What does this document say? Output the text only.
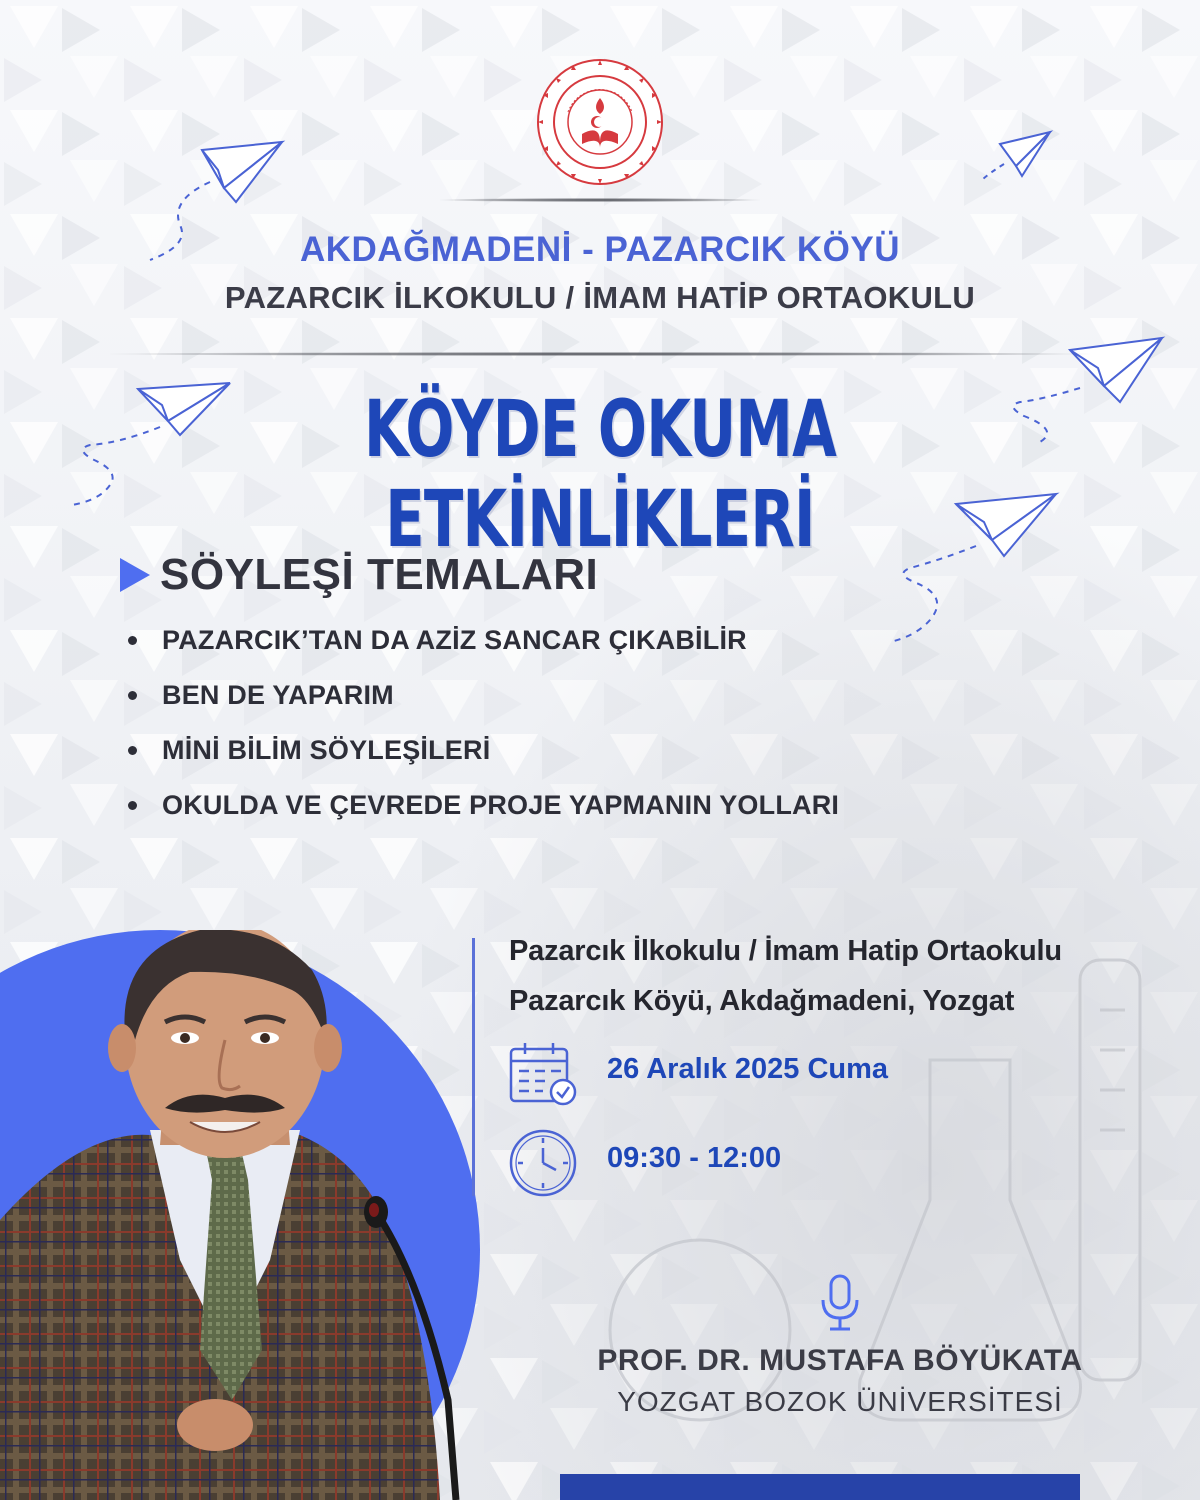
AKDAĞMADENİ - PAZARCIK KÖYÜ
PAZARCIK İLKOKULU / İMAM HATİP ORTAOKULU
KÖYDE OKUMA ETKİNLİKLERİ
SÖYLEŞİ TEMALARI
PAZARCIK’TAN DA AZİZ SANCAR ÇIKABİLİR
BEN DE YAPARIM
MİNİ BİLİM SÖYLEŞİLERİ
OKULDA VE ÇEVREDE PROJE YAPMANIN YOLLARI
Pazarcık İlkokulu / İmam Hatip Ortaokulu
Pazarcık Köyü, Akdağmadeni, Yozgat
26 Aralık 2025 Cuma
09:30 - 12:00
PROF. DR. MUSTAFA BÖYÜKATA
YOZGAT BOZOK ÜNİVERSİTESİ
